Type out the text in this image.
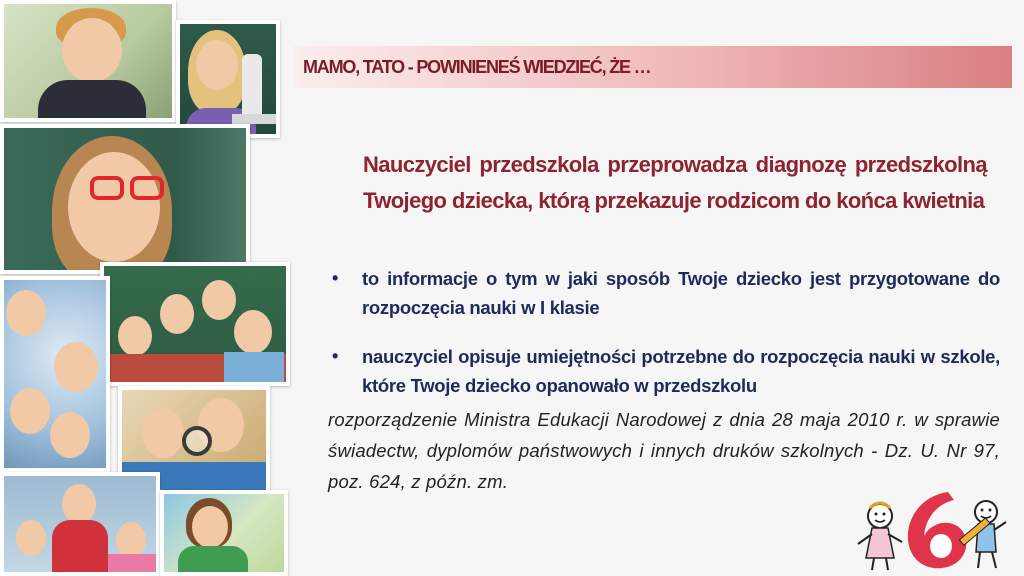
MAMO, TATO - POWINIENEŚ WIEDZIEĆ, ŻE …
Nauczyciel przedszkola przeprowadza diagnozę przedszkolną Twojego dziecka, którą przekazuje rodzicom do końca kwietnia
• to informacje o tym w jaki sposób Twoje dziecko jest przygotowane do rozpoczęcia nauki w I klasie
• nauczyciel opisuje umiejętności potrzebne do rozpoczęcia nauki w szkole, które Twoje dziecko opanowało w przedszkolu
rozporządzenie Ministra Edukacji Narodowej z dnia 28 maja 2010 r. w sprawie świadectw, dyplomów państwowych i innych druków szkolnych - Dz. U. Nr 97, poz. 624, z późn. zm.
